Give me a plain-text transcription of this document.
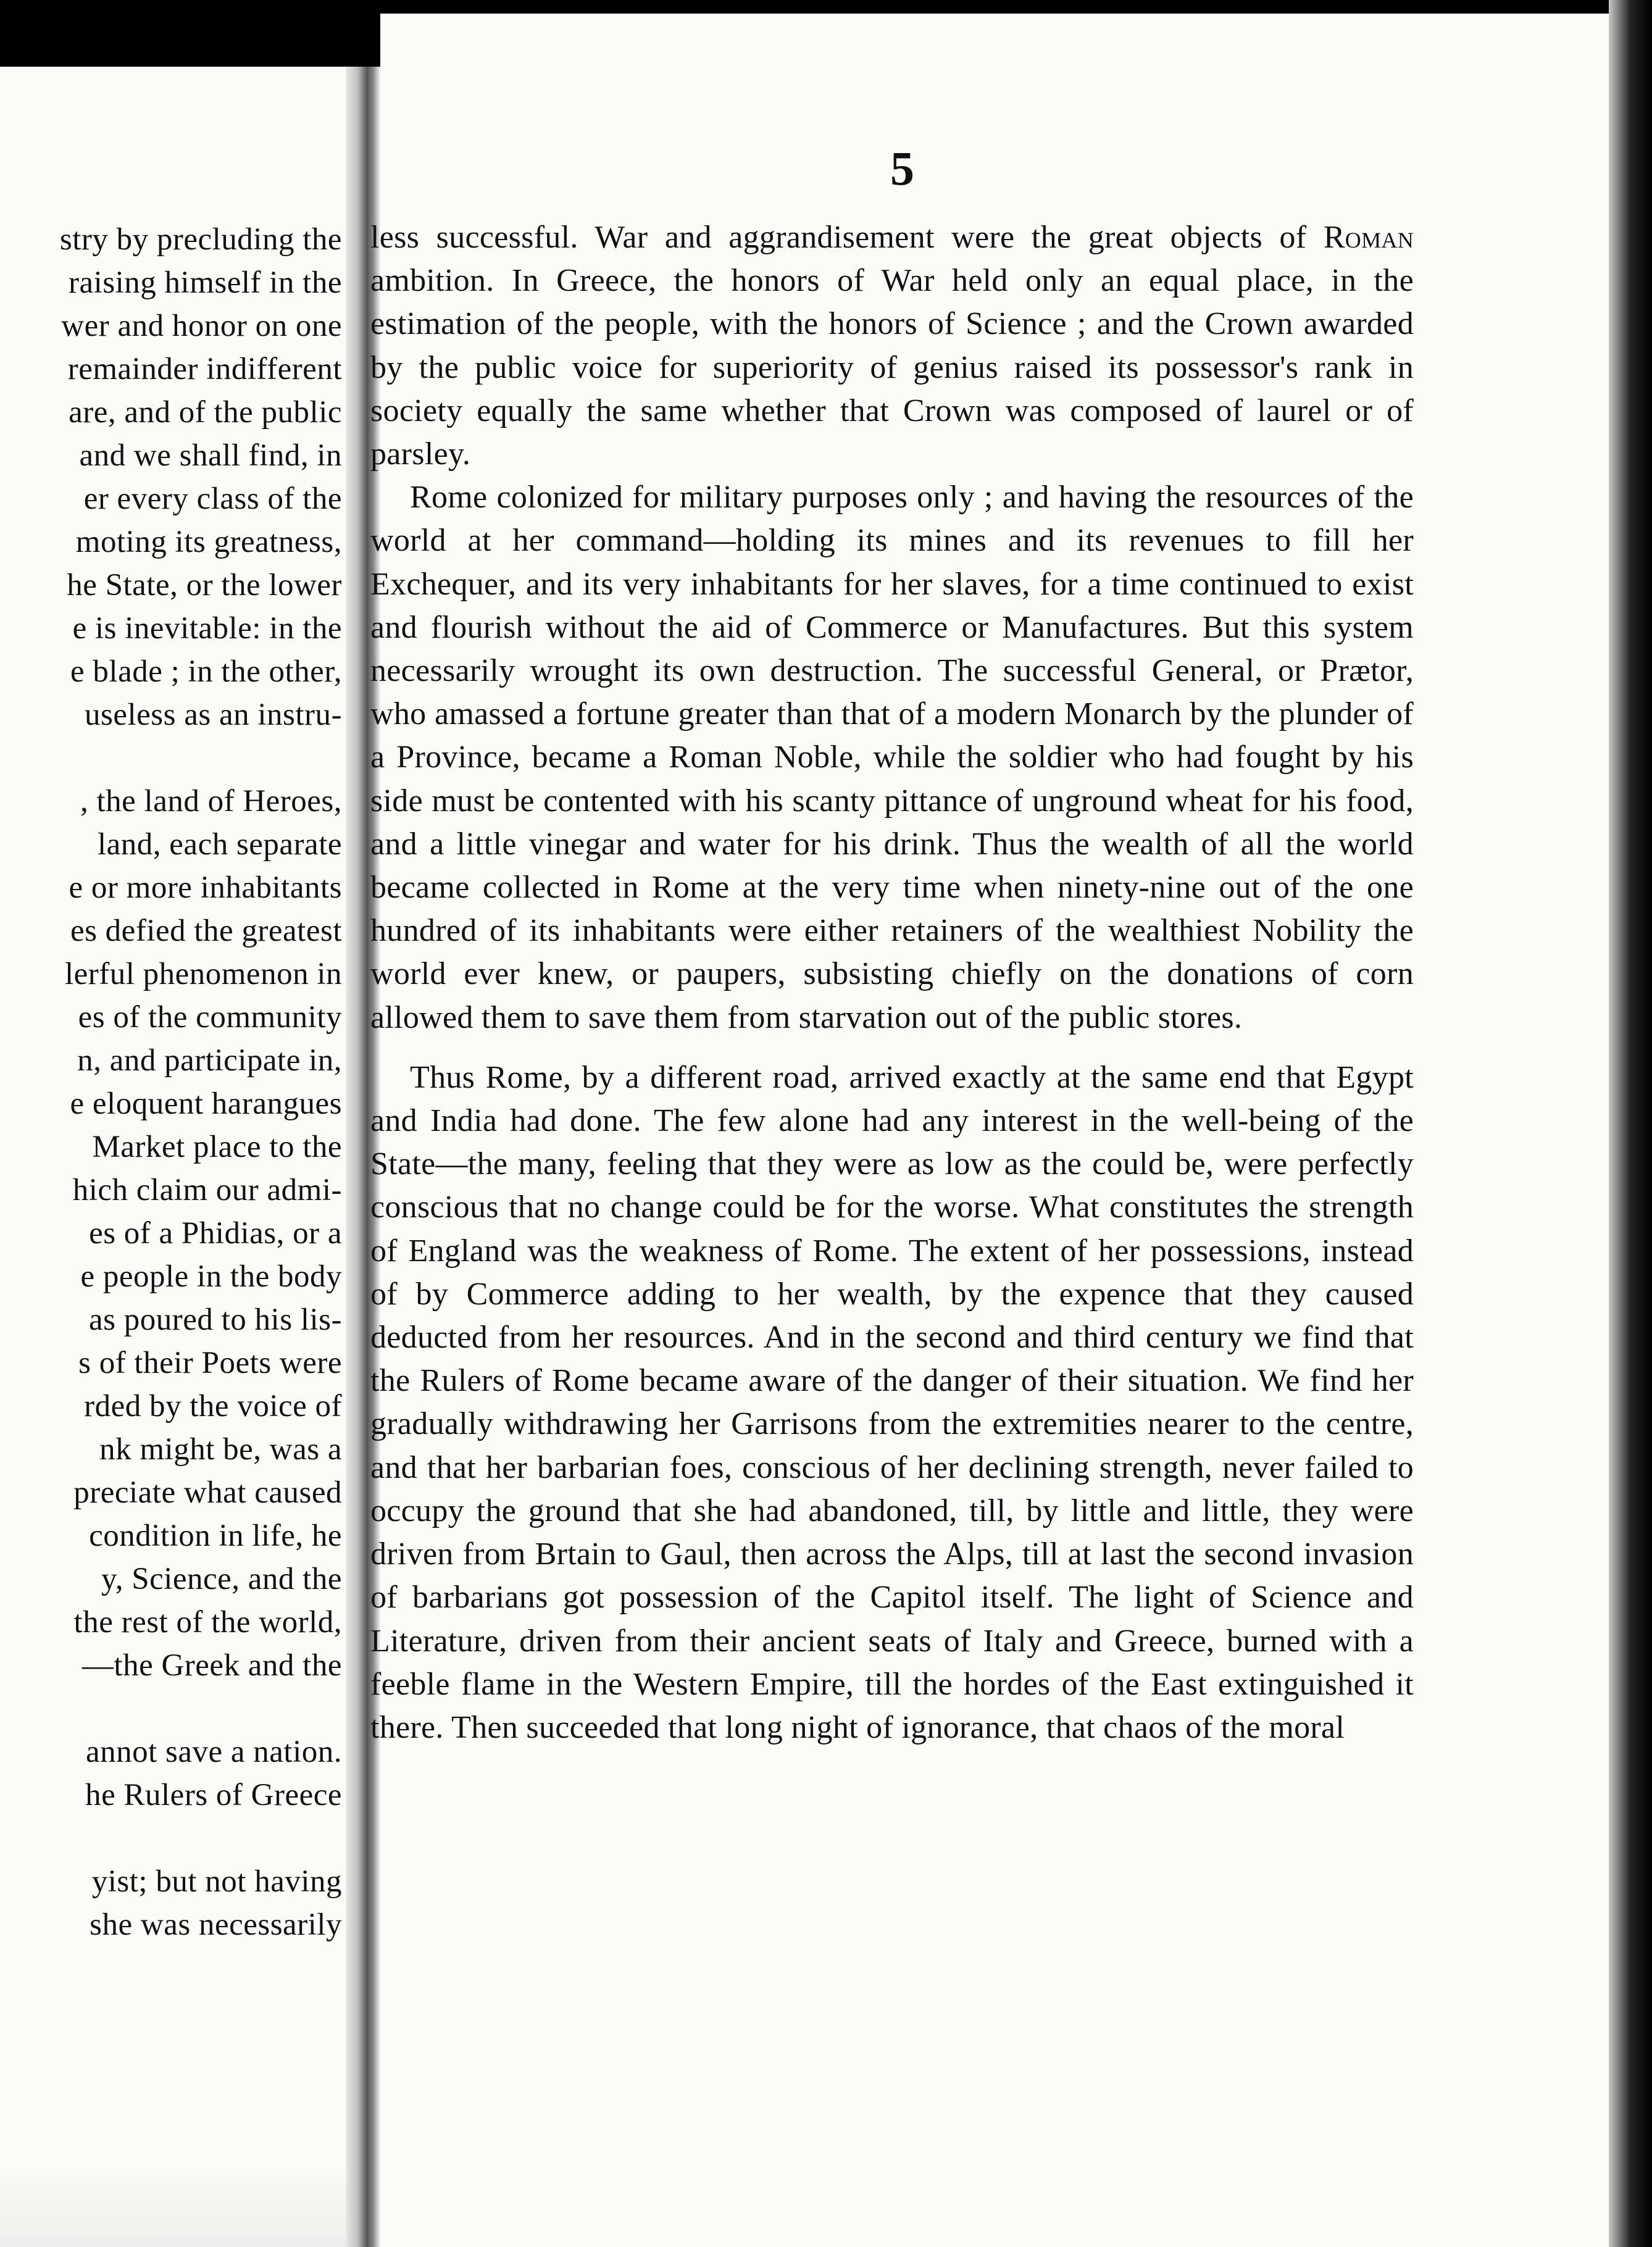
stry by precluding the
raising himself in the
wer and honor on one
remainder indifferent
are, and of the public
and we shall find, in
er every class of the
moting its greatness,
he State, or the lower
e is inevitable: in the
e blade ; in the other,
useless as an instru-
, the land of Heroes,
land, each separate
e or more inhabitants
es defied the greatest
lerful phenomenon in
es of the community
n, and participate in,
e eloquent harangues
Market place to the
hich claim our admi-
es of a Phidias, or a
e people in the body
as poured to his lis-
s of their Poets were
rded by the voice of
nk might be, was a
preciate what caused
condition in life, he
y, Science, and the
the rest of the world,
—the Greek and the
annot save a nation.
he Rulers of Greece
yist; but not having
she was necessarily
5

less successful. War and aggrandisement were the great objects of Roman ambition. In Greece, the honors of War held only an equal place, in the estimation of the people, with the honors of Science ; and the Crown awarded by the public voice for superiority of genius raised its possessor's rank in society equally the same whether that Crown was composed of laurel or of parsley.

Rome colonized for military purposes only ; and having the resources of the world at her command—holding its mines and its revenues to fill her Exchequer, and its very inhabitants for her slaves, for a time continued to exist and flourish without the aid of Commerce or Manufactures. But this system necessarily wrought its own destruction. The successful General, or Prætor, who amassed a fortune greater than that of a modern Monarch by the plunder of a Province, became a Roman Noble, while the soldier who had fought by his side must be contented with his scanty pittance of unground wheat for his food, and a little vinegar and water for his drink. Thus the wealth of all the world became collected in Rome at the very time when ninety-nine out of the one hundred of its inhabitants were either retainers of the wealthiest Nobility the world ever knew, or paupers, subsisting chiefly on the donations of corn allowed them to save them from starvation out of the public stores.

Thus Rome, by a different road, arrived exactly at the same end that Egypt and India had done. The few alone had any interest in the well-being of the State—the many, feeling that they were as low as the could be, were perfectly conscious that no change could be for the worse. What constitutes the strength of England was the weakness of Rome. The extent of her possessions, instead of by Commerce adding to her wealth, by the expence that they caused deducted from her resources. And in the second and third century we find that the Rulers of Rome became aware of the danger of their situation. We find her gradually withdrawing her Garrisons from the extremities nearer to the centre, and that her barbarian foes, conscious of her declining strength, never failed to occupy the ground that she had abandoned, till, by little and little, they were driven from Brtain to Gaul, then across the Alps, till at last the second invasion of barbarians got possession of the Capitol itself. The light of Science and Literature, driven from their ancient seats of Italy and Greece, burned with a feeble flame in the Western Empire, till the hordes of the East extinguished it there. Then succeeded that long night of ignorance, that chaos of the moral
